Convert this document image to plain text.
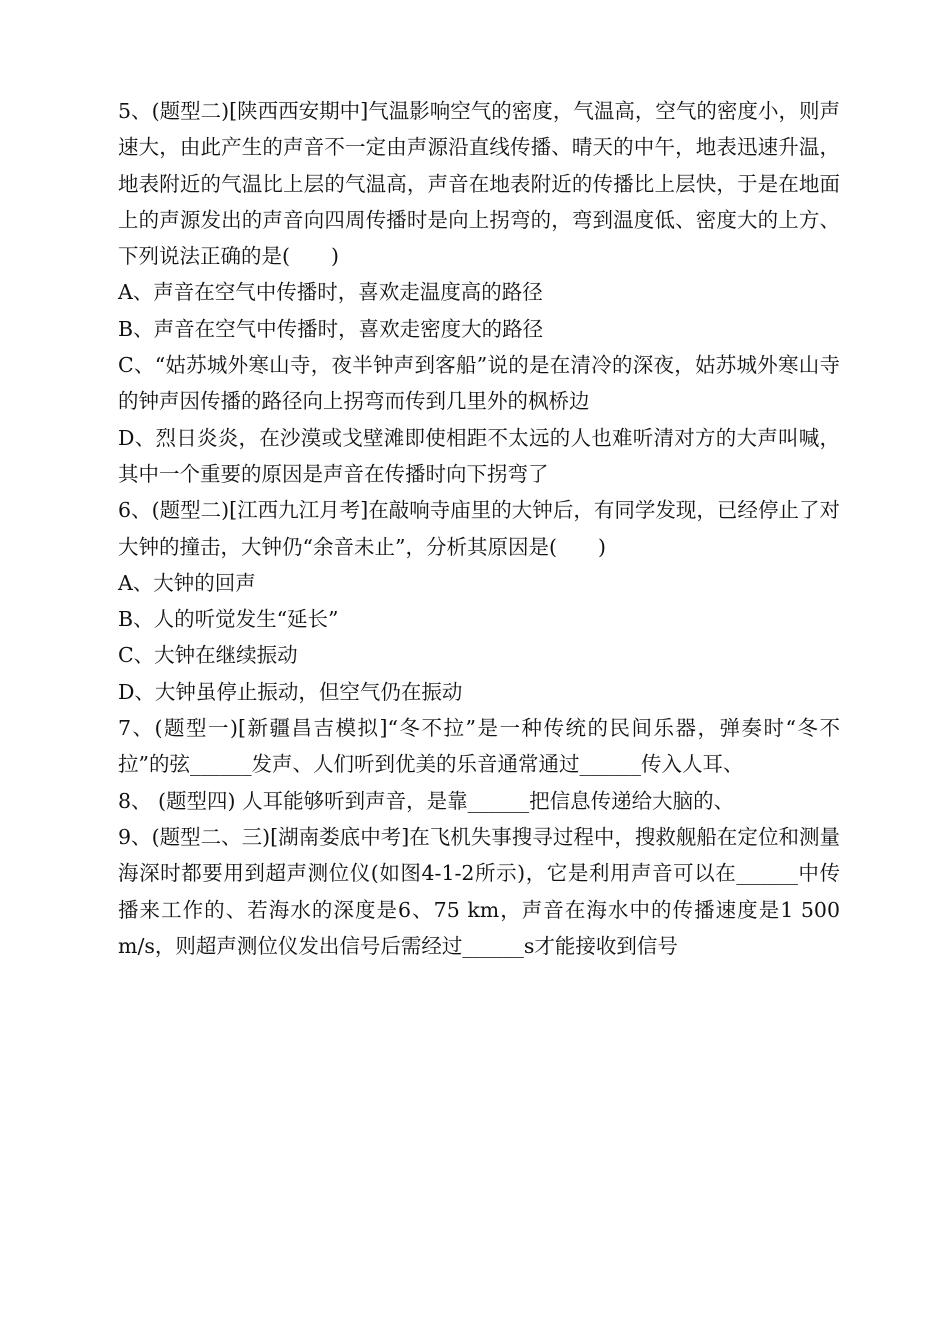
5、(题型二)[陕西西安期中]气温影响空气的密度，气温高，空气的密度小，则声速大，由此产生的声音不一定由声源沿直线传播、晴天的中午，地表迅速升温，地表附近的气温比上层的气温高，声音在地表附近的传播比上层快，于是在地面上的声源发出的声音向四周传播时是向上拐弯的，弯到温度低、密度大的上方、下列说法正确的是(　　)

A、声音在空气中传播时，喜欢走温度高的路径

B、声音在空气中传播时，喜欢走密度大的路径

C、“姑苏城外寒山寺，夜半钟声到客船”说的是在清冷的深夜，姑苏城外寒山寺的钟声因传播的路径向上拐弯而传到几里外的枫桥边

D、烈日炎炎，在沙漠或戈壁滩即使相距不太远的人也难听清对方的大声叫喊，其中一个重要的原因是声音在传播时向下拐弯了

6、(题型二)[江西九江月考]在敲响寺庙里的大钟后，有同学发现，已经停止了对大钟的撞击，大钟仍“余音未止”，分析其原因是(　　)

A、大钟的回声

B、人的听觉发生“延长”

C、大钟在继续振动

D、大钟虽停止振动，但空气仍在振动

7、(题型一)[新疆昌吉模拟]“冬不拉”是一种传统的民间乐器，弹奏时“冬不拉”的弦______发声、人们听到优美的乐音通常通过______传入人耳、

8、 (题型四) 人耳能够听到声音，是靠______把信息传递给大脑的、

9、(题型二、三)[湖南娄底中考]在飞机失事搜寻过程中，搜救舰船在定位和测量海深时都要用到超声测位仪(如图4-1-2所示)，它是利用声音可以在______中传播来工作的、若海水的深度是6、75 km，声音在海水中的传播速度是1 500 m/s，则超声测位仪发出信号后需经过______s才能接收到信号
